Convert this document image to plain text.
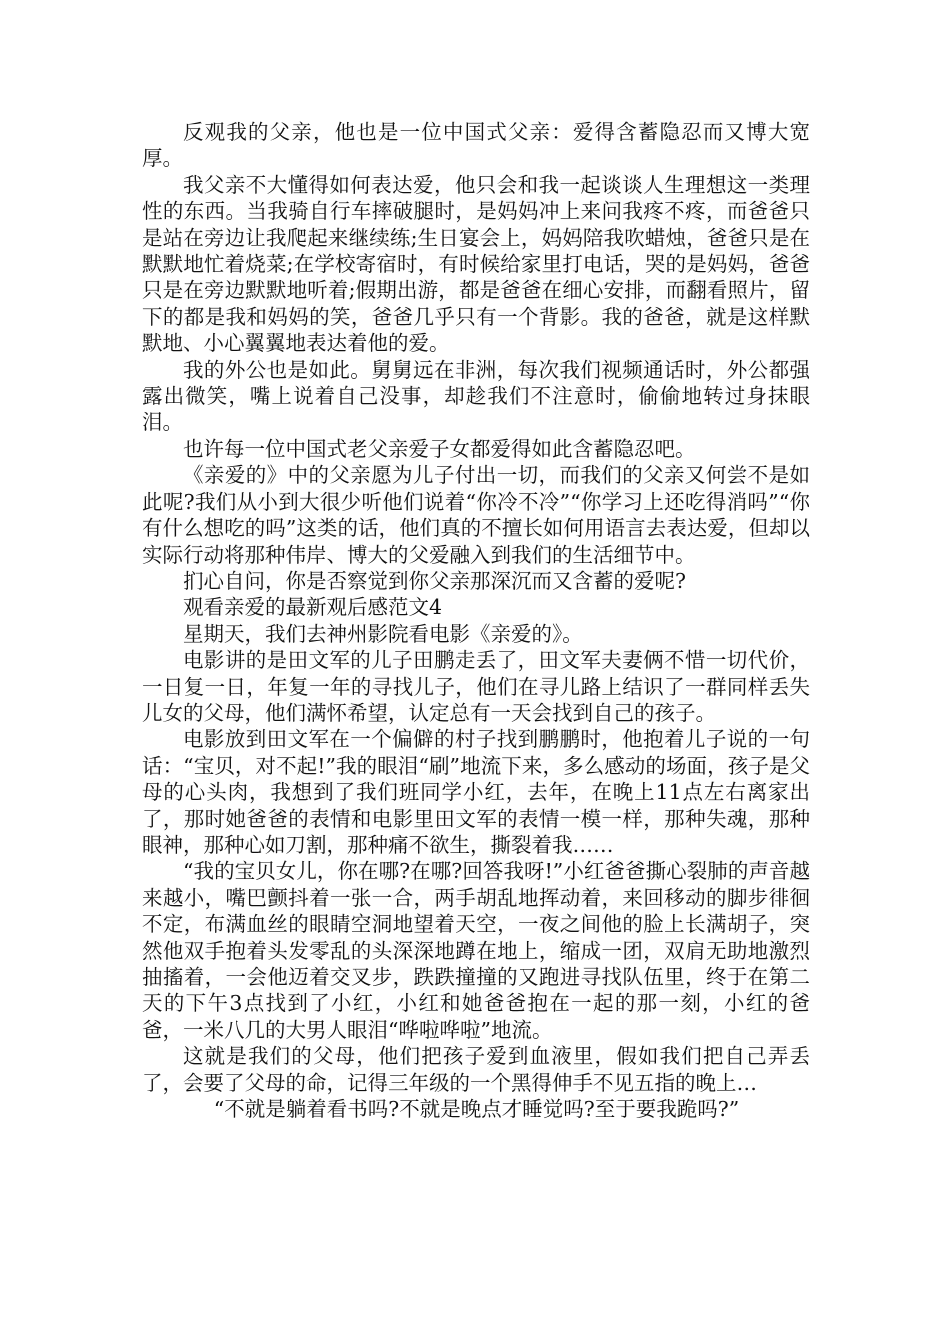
反观我的父亲，他也是一位中国式父亲：爱得含蓄隐忍而又博大宽厚。

我父亲不大懂得如何表达爱，他只会和我一起谈谈人生理想这一类理性的东西。当我骑自行车摔破腿时，是妈妈冲上来问我疼不疼，而爸爸只是站在旁边让我爬起来继续练;生日宴会上，妈妈陪我吹蜡烛，爸爸只是在默默地忙着烧菜;在学校寄宿时，有时候给家里打电话，哭的是妈妈，爸爸只是在旁边默默地听着;假期出游，都是爸爸在细心安排，而翻看照片，留下的都是我和妈妈的笑，爸爸几乎只有一个背影。我的爸爸，就是这样默默地、小心翼翼地表达着他的爱。

我的外公也是如此。舅舅远在非洲，每次我们视频通话时，外公都强露出微笑，嘴上说着自己没事，却趁我们不注意时，偷偷地转过身抹眼泪。

也许每一位中国式老父亲爱子女都爱得如此含蓄隐忍吧。

《亲爱的》中的父亲愿为儿子付出一切，而我们的父亲又何尝不是如此呢?我们从小到大很少听他们说着“你冷不冷”“你学习上还吃得消吗”“你有什么想吃的吗”这类的话，他们真的不擅长如何用语言去表达爱，但却以实际行动将那种伟岸、博大的父爱融入到我们的生活细节中。

扪心自问，你是否察觉到你父亲那深沉而又含蓄的爱呢?

观看亲爱的最新观后感范文4

星期天，我们去神州影院看电影《亲爱的》。

电影讲的是田文军的儿子田鹏走丢了，田文军夫妻俩不惜一切代价，一日复一日，年复一年的寻找儿子，他们在寻儿路上结识了一群同样丢失儿女的父母，他们满怀希望，认定总有一天会找到自己的孩子。

电影放到田文军在一个偏僻的村子找到鹏鹏时，他抱着儿子说的一句话：“宝贝，对不起!”我的眼泪“刷”地流下来，多么感动的场面，孩子是父母的心头肉，我想到了我们班同学小红，去年，在晚上11点左右离家出了，那时她爸爸的表情和电影里田文军的表情一模一样，那种失魂，那种眼神，那种心如刀割，那种痛不欲生，撕裂着我……

“我的宝贝女儿，你在哪?在哪?回答我呀!”小红爸爸撕心裂肺的声音越来越小，嘴巴颤抖着一张一合，两手胡乱地挥动着，来回移动的脚步徘徊不定，布满血丝的眼睛空洞地望着天空，一夜之间他的脸上长满胡子，突然他双手抱着头发零乱的头深深地蹲在地上，缩成一团，双肩无助地激烈抽搐着，一会他迈着交叉步，跌跌撞撞的又跑进寻找队伍里，终于在第二天的下午3点找到了小红，小红和她爸爸抱在一起的那一刻，小红的爸爸，一米八几的大男人眼泪“哗啦哗啦”地流。

这就是我们的父母，他们把孩子爱到血液里，假如我们把自己弄丢了，会要了父母的命，记得三年级的一个黑得伸手不见五指的晚上…

“不就是躺着看书吗?不就是晚点才睡觉吗?至于要我跪吗?”
